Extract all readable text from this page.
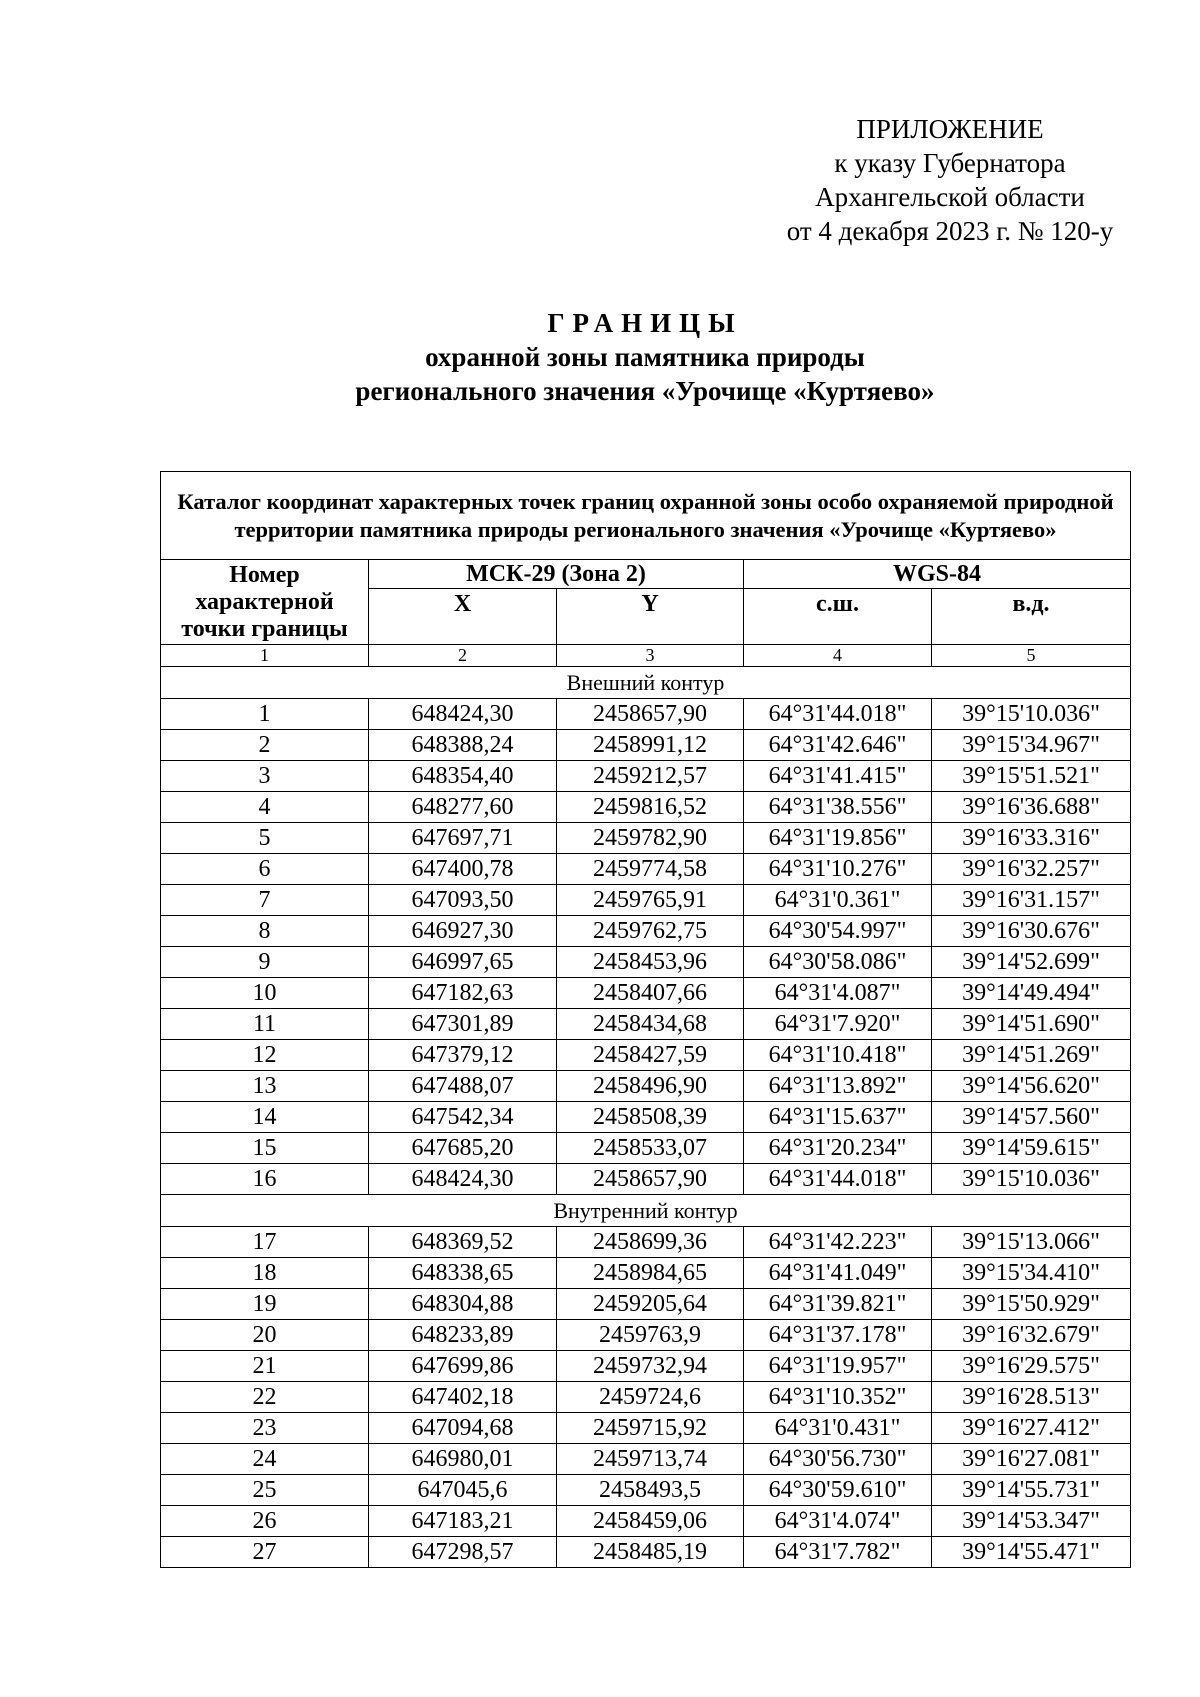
ПРИЛОЖЕНИЕ
к указу Губернатора
Архангельской области
от 4 декабря 2023 г. № 120-у
ГРАНИЦЫ
охранной зоны памятника природы
регионального значения «Урочище «Куртяево»
Каталог координат характерных точек границ охранной зоны особо охраняемой природной территории памятника природы регионального значения «Урочище «Куртяево»				
Номер характерной точки границы	МСК-29 (Зона 2)		WGS-84	
	X	Y	с.ш.	в.д.
1	2	3	4	5
Внешний контур				
1	648424,30	2458657,90	64°31'44.018"	39°15'10.036"
2	648388,24	2458991,12	64°31'42.646"	39°15'34.967"
3	648354,40	2459212,57	64°31'41.415"	39°15'51.521"
4	648277,60	2459816,52	64°31'38.556"	39°16'36.688"
5	647697,71	2459782,90	64°31'19.856"	39°16'33.316"
6	647400,78	2459774,58	64°31'10.276"	39°16'32.257"
7	647093,50	2459765,91	64°31'0.361"	39°16'31.157"
8	646927,30	2459762,75	64°30'54.997"	39°16'30.676"
9	646997,65	2458453,96	64°30'58.086"	39°14'52.699"
10	647182,63	2458407,66	64°31'4.087"	39°14'49.494"
11	647301,89	2458434,68	64°31'7.920"	39°14'51.690"
12	647379,12	2458427,59	64°31'10.418"	39°14'51.269"
13	647488,07	2458496,90	64°31'13.892"	39°14'56.620"
14	647542,34	2458508,39	64°31'15.637"	39°14'57.560"
15	647685,20	2458533,07	64°31'20.234"	39°14'59.615"
16	648424,30	2458657,90	64°31'44.018"	39°15'10.036"
Внутренний контур				
17	648369,52	2458699,36	64°31'42.223"	39°15'13.066"
18	648338,65	2458984,65	64°31'41.049"	39°15'34.410"
19	648304,88	2459205,64	64°31'39.821"	39°15'50.929"
20	648233,89	2459763,9	64°31'37.178"	39°16'32.679"
21	647699,86	2459732,94	64°31'19.957"	39°16'29.575"
22	647402,18	2459724,6	64°31'10.352"	39°16'28.513"
23	647094,68	2459715,92	64°31'0.431"	39°16'27.412"
24	646980,01	2459713,74	64°30'56.730"	39°16'27.081"
25	647045,6	2458493,5	64°30'59.610"	39°14'55.731"
26	647183,21	2458459,06	64°31'4.074"	39°14'53.347"
27	647298,57	2458485,19	64°31'7.782"	39°14'55.471"
